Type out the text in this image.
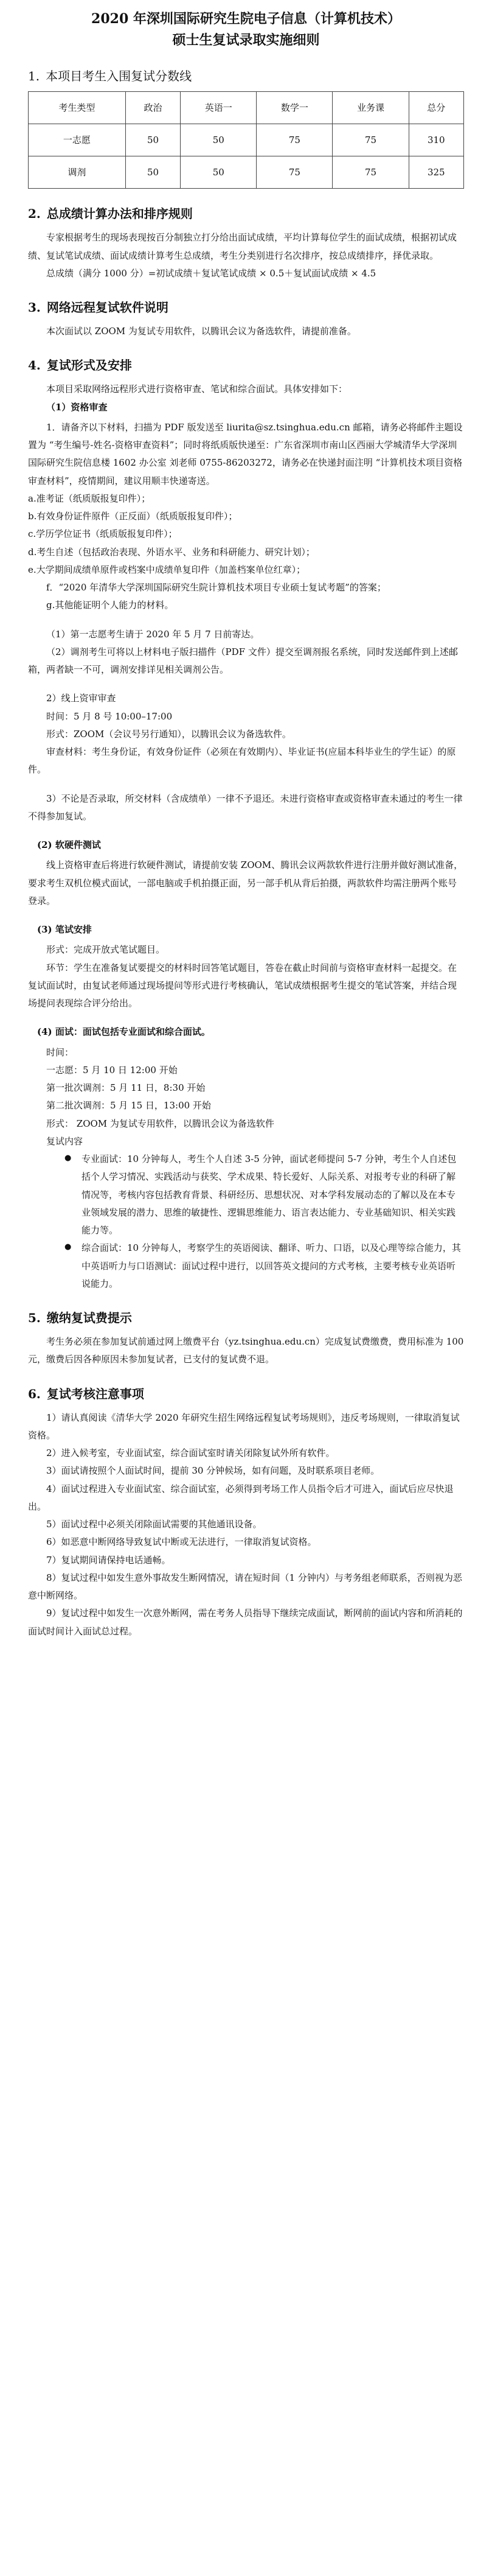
2020 年深圳国际研究生院电子信息（计算机技术）

硕士生复试录取实施细则

1. 本项目考生入围复试分数线
考生类型	政治	英语一	数学一	业务课	总分
一志愿	50	50	75	75	310
调剂	50	50	75	75	325
2. 总成绩计算办法和排序规则

专家根据考生的现场表现按百分制独立打分给出面试成绩，平均计算每位学生的面试成绩，根据初试成绩、复试笔试成绩、面试成绩计算考生总成绩，考生分类别进行名次排序，按总成绩排序，择优录取。

总成绩（满分 1000 分）=初试成绩＋复试笔试成绩 × 0.5＋复试面试成绩 × 4.5

3. 网络远程复试软件说明

本次面试以 ZOOM 为复试专用软件，以腾讯会议为备选软件，请提前准备。

4. 复试形式及安排

本项目采取网络远程形式进行资格审查、笔试和综合面试。具体安排如下：

（1）资格审查

1．请备齐以下材料，扫描为 PDF 版发送至 liurita@sz.tsinghua.edu.cn 邮箱，请务必将邮件主题设置为 “考生编号-姓名-资格审查资料”；同时将纸质版快递至：广东省深圳市南山区西丽大学城清华大学深圳国际研究生院信息楼 1602 办公室 刘老师 0755-86203272，请务必在快递封面注明 “计算机技术项目资格审查材料”，疫情期间，建议用顺丰快递寄送。

a.准考证（纸质版报复印件）；

b.有效身份证件原件（正反面）（纸质版报复印件）；

c.学历学位证书（纸质版报复印件）；

d.考生自述（包括政治表现、外语水平、业务和科研能力、研究计划）；

e.大学期间成绩单原件或档案中成绩单复印件（加盖档案单位红章）；

f．“2020 年清华大学深圳国际研究生院计算机技术项目专业硕士复试考题”的答案；

g.其他能证明个人能力的材料。

（1）第一志愿考生请于 2020 年 5 月 7 日前寄达。

（2）调剂考生可将以上材料电子版扫描件（PDF 文件）提交至调剂报名系统，同时发送邮件到上述邮箱，两者缺一不可，调剂安排详见相关调剂公告。

2）线上资审审查

时间：5 月 8 号 10:00–17:00

形式：ZOOM（会议号另行通知），以腾讯会议为备选软件。

审查材料：考生身份证，有效身份证件（必须在有效期内）、毕业证书(应届本科毕业生的学生证）的原件。

3）不论是否录取，所交材料（含成绩单）一律不予退还。未进行资格审查或资格审查未通过的考生一律不得参加复试。

(2) 软硬件测试

线上资格审查后将进行软硬件测试，请提前安装 ZOOM、腾讯会议两款软件进行注册并做好测试准备，要求考生双机位模式面试，一部电脑或手机拍摄正面，另一部手机从背后拍摄，两款软件均需注册两个账号登录。

(3) 笔试安排

形式：完成开放式笔试题目。

环节：学生在准备复试要提交的材料时回答笔试题目，答卷在截止时间前与资格审查材料一起提交。在复试面试时，由复试老师通过现场提问等形式进行考核确认，笔试成绩根据考生提交的笔试答案，并结合现场提问表现综合评分给出。

(4) 面试：面试包括专业面试和综合面试。

时间：

一志愿：5 月 10 日 12:00 开始

第一批次调剂：5 月 11 日，8:30 开始

第二批次调剂：5 月 15 日，13:00 开始

形式： ZOOM 为复试专用软件，以腾讯会议为备选软件

复试内容

● 专业面试：10 分钟每人，考生个人自述 3-5 分钟，面试老师提问 5-7 分钟，考生个人自述包括个人学习情况、实践活动与获奖、学术成果、特长爱好、人际关系、对报考专业的科研了解情况等，考核内容包括教育背景、科研经历、思想状况、对本学科发展动态的了解以及在本专业领域发展的潜力、思维的敏捷性、逻辑思维能力、语言表达能力、专业基础知识、相关实践能力等。

● 综合面试：10 分钟每人，考察学生的英语阅读、翻译、听力、口语，以及心理等综合能力，其中英语听力与口语测试：面试过程中进行，以回答英文提问的方式考核，主要考核专业英语听说能力。

5. 缴纳复试费提示

考生务必须在参加复试前通过网上缴费平台（yz.tsinghua.edu.cn）完成复试费缴费，费用标准为 100 元，缴费后因各种原因未参加复试者，已支付的复试费不退。

6. 复试考核注意事项

1）请认真阅读《清华大学 2020 年研究生招生网络远程复试考场规则》，违反考场规则，一律取消复试资格。

2）进入候考室，专业面试室，综合面试室时请关闭除复试外所有软件。

3）面试请按照个人面试时间，提前 30 分钟候场，如有问题，及时联系项目老师。

4）面试过程进入专业面试室、综合面试室，必须得到考场工作人员指令后才可进入，面试后应尽快退出。

5）面试过程中必须关闭除面试需要的其他通讯设备。

6）如恶意中断网络导致复试中断或无法进行，一律取消复试资格。

7）复试期间请保持电话通畅。

8）复试过程中如发生意外事故发生断网情况，请在短时间（1 分钟内）与考务组老师联系，否则视为恶意中断网络。

9）复试过程中如发生一次意外断网，需在考务人员指导下继续完成面试，断网前的面试内容和所消耗的面试时间计入面试总过程。
